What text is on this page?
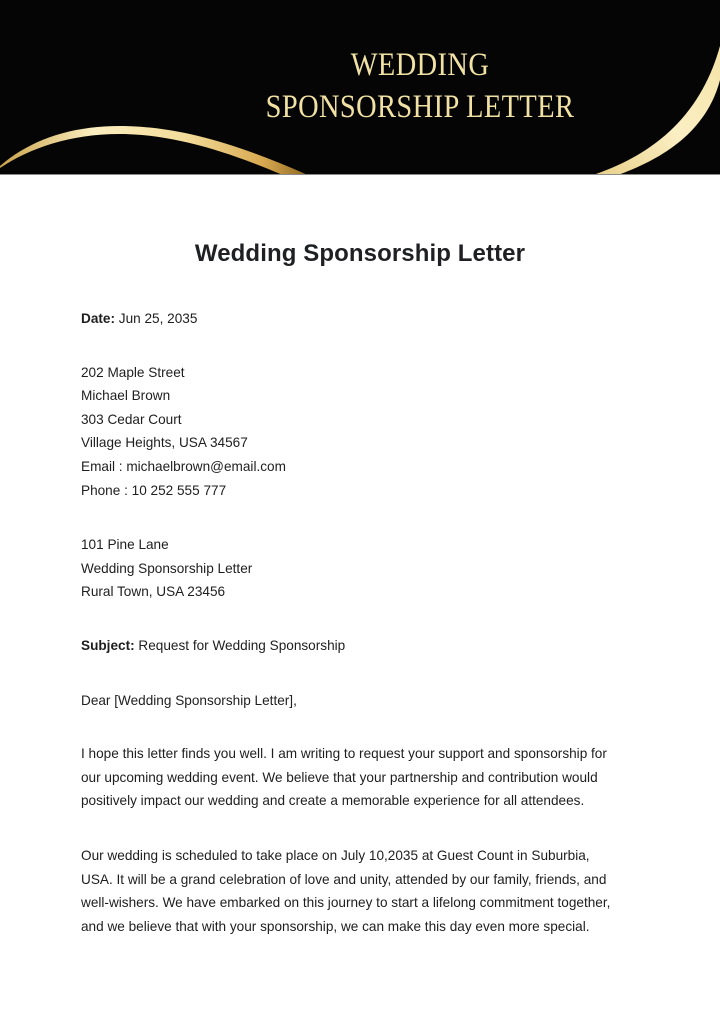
WEDDING
SPONSORSHIP LETTER
Wedding Sponsorship Letter
Date: Jun 25, 2035
202 Maple Street
Michael Brown
303 Cedar Court
Village Heights, USA 34567
Email : michaelbrown@email.com
Phone : 10 252 555 777
101 Pine Lane
Wedding Sponsorship Letter
Rural Town, USA 23456
Subject: Request for Wedding Sponsorship
Dear [Wedding Sponsorship Letter],
I hope this letter finds you well. I am writing to request your support and sponsorship for
our upcoming wedding event. We believe that your partnership and contribution would
positively impact our wedding and create a memorable experience for all attendees.
Our wedding is scheduled to take place on July 10,2035 at Guest Count in Suburbia,
USA. It will be a grand celebration of love and unity, attended by our family, friends, and
well-wishers. We have embarked on this journey to start a lifelong commitment together,
and we believe that with your sponsorship, we can make this day even more special.
